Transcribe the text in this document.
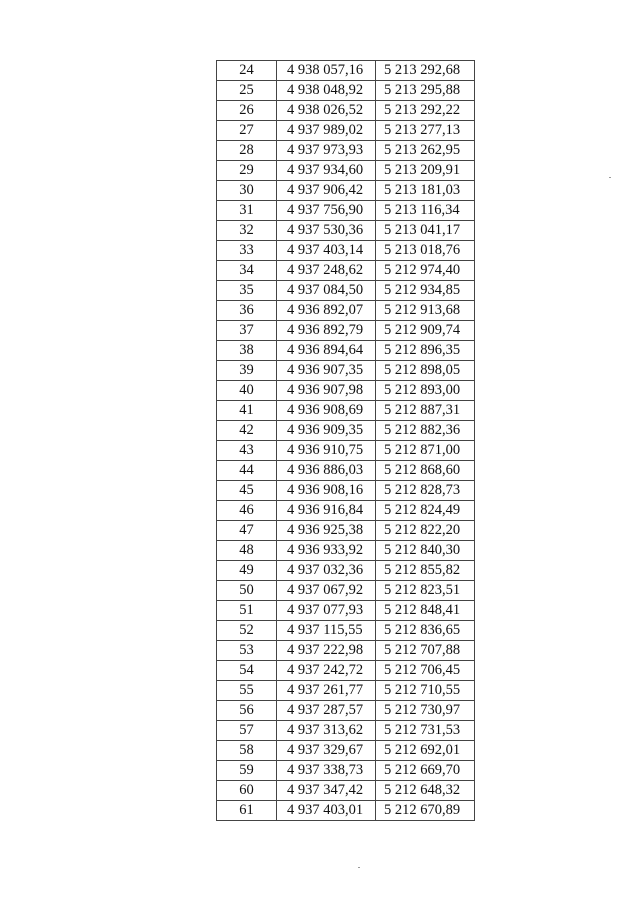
24	4 938 057,16	5 213 292,68
25	4 938 048,92	5 213 295,88
26	4 938 026,52	5 213 292,22
27	4 937 989,02	5 213 277,13
28	4 937 973,93	5 213 262,95
29	4 937 934,60	5 213 209,91
30	4 937 906,42	5 213 181,03
31	4 937 756,90	5 213 116,34
32	4 937 530,36	5 213 041,17
33	4 937 403,14	5 213 018,76
34	4 937 248,62	5 212 974,40
35	4 937 084,50	5 212 934,85
36	4 936 892,07	5 212 913,68
37	4 936 892,79	5 212 909,74
38	4 936 894,64	5 212 896,35
39	4 936 907,35	5 212 898,05
40	4 936 907,98	5 212 893,00
41	4 936 908,69	5 212 887,31
42	4 936 909,35	5 212 882,36
43	4 936 910,75	5 212 871,00
44	4 936 886,03	5 212 868,60
45	4 936 908,16	5 212 828,73
46	4 936 916,84	5 212 824,49
47	4 936 925,38	5 212 822,20
48	4 936 933,92	5 212 840,30
49	4 937 032,36	5 212 855,82
50	4 937 067,92	5 212 823,51
51	4 937 077,93	5 212 848,41
52	4 937 115,55	5 212 836,65
53	4 937 222,98	5 212 707,88
54	4 937 242,72	5 212 706,45
55	4 937 261,77	5 212 710,55
56	4 937 287,57	5 212 730,97
57	4 937 313,62	5 212 731,53
58	4 937 329,67	5 212 692,01
59	4 937 338,73	5 212 669,70
60	4 937 347,42	5 212 648,32
61	4 937 403,01	5 212 670,89
